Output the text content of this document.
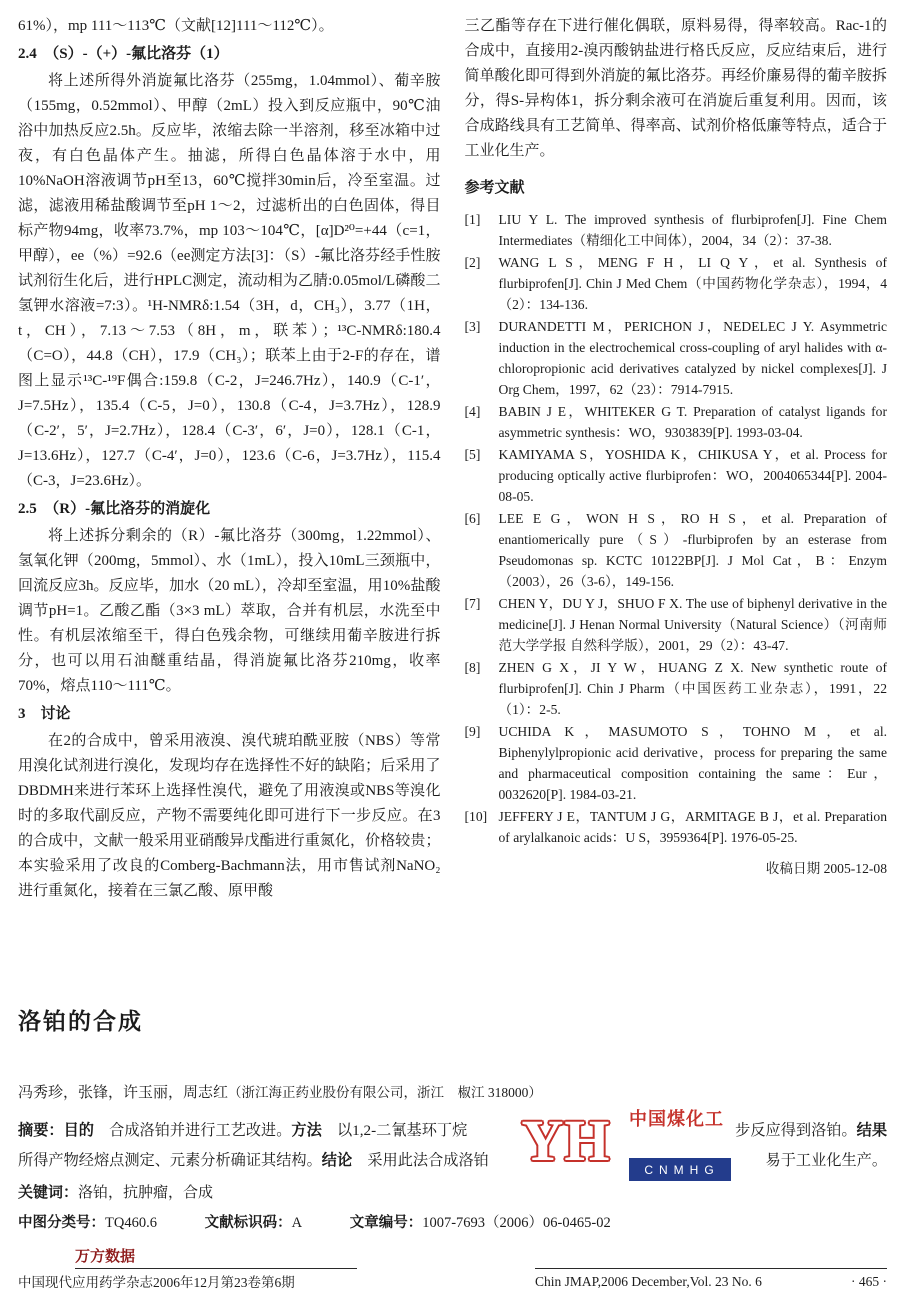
61%），mp 111～113℃（文献[12]111～112℃）。

2.4　（S）-（+）-氟比洛芬（1）

将上述所得外消旋氟比洛芬（255mg，1.04mmol）、葡辛胺（155mg，0.52mmol）、甲醇（2mL）投入到反应瓶中，90℃油浴中加热反应2.5h。反应毕，浓缩去除一半溶剂，移至冰箱中过夜，有白色晶体产生。抽滤，所得白色晶体溶于水中，用10%NaOH溶液调节pH至13，60℃搅拌30min后，冷至室温。过滤，滤液用稀盐酸调节至pH 1～2，过滤析出的白色固体，得目标产物94mg，收率73.7%，mp 103～104℃，[α]D²⁰=+44（c=1，甲醇），ee（%）=92.6（ee测定方法[3]：（S）-氟比洛芬经手性胺试剂衍生化后，进行HPLC测定，流动相为乙腈:0.05mol/L磷酸二氢钾水溶液=7:3）。¹H-NMRδ:1.54（3H，d，CH₃），3.77（1H，t，CH），7.13～7.53（8H，m，联苯）；¹³C-NMRδ:180.4（C=O），44.8（CH），17.9（CH₃）；联苯上由于2-F的存在，谱图上显示¹³C-¹⁹F偶合:159.8（C-2，J=246.7Hz），140.9（C-1′，J=7.5Hz），135.4（C-5，J=0），130.8（C-4，J=3.7Hz），128.9（C-2′，5′，J=2.7Hz），128.4（C-3′，6′，J=0），128.1（C-1，J=13.6Hz），127.7（C-4′，J=0），123.6（C-6，J=3.7Hz），115.4（C-3，J=23.6Hz）。

2.5　（R）-氟比洛芬的消旋化

将上述拆分剩余的（R）-氟比洛芬（300mg，1.22mmol）、氢氧化钾（200mg，5mmol）、水（1mL），投入10mL三颈瓶中，回流反应3h。反应毕，加水（20 mL），冷却至室温，用10%盐酸调节pH=1。乙酸乙酯（3×3 mL）萃取，合并有机层，水洗至中性。有机层浓缩至干，得白色残余物，可继续用葡辛胺进行拆分，也可以用石油醚重结晶，得消旋氟比洛芬210mg，收率70%，熔点110～111℃。

3　讨论

在2的合成中，曾采用液溴、溴代琥珀酰亚胺（NBS）等常用溴化试剂进行溴化，发现均存在选择性不好的缺陷；后采用了DBDMH来进行苯环上选择性溴代，避免了用液溴或NBS等溴化时的多取代副反应，产物不需要纯化即可进行下一步反应。在3的合成中，文献一般采用亚硝酸异戊酯进行重氮化，价格较贵；本实验采用了改良的Comberg-Bachmann法，用市售试剂NaNO₂进行重氮化，接着在三氯乙酸、原甲酸

三乙酯等存在下进行催化偶联，原料易得，得率较高。Rac-1的合成中，直接用2-溴丙酸钠盐进行格氏反应，反应结束后，进行简单酸化即可得到外消旋的氟比洛芬。再经价廉易得的葡辛胺拆分，得S-异构体1，拆分剩余液可在消旋后重复利用。因而，该合成路线具有工艺简单、得率高、试剂价格低廉等特点，适合于工业化生产。

参考文献

[1]	LIU Y L. The improved synthesis of flurbiprofen[J]. Fine Chem Intermediates（精细化工中间体），2004，34（2）：37-38.
[2]	WANG L S，MENG F H，LI Q Y，et al. Synthesis of flurbiprofen[J]. Chin J Med Chem（中国药物化学杂志），1994，4（2）：134-136.
[3]	DURANDETTI M，PERICHON J，NEDELEC J Y. Asymmetric induction in the electrochemical cross-coupling of aryl halides with α-chloropropionic acid derivatives catalyzed by nickel complexes[J]. J Org Chem，1997，62（23）：7914-7915.
[4]	BABIN J E，WHITEKER G T. Preparation of catalyst ligands for asymmetric synthesis：WO，9303839[P]. 1993-03-04.
[5]	KAMIYAMA S，YOSHIDA K，CHIKUSA Y，et al. Process for producing optically active flurbiprofen：WO，2004065344[P]. 2004-08-05.
[6]	LEE E G，WON H S，RO H S，et al. Preparation of enantiomerically pure（S）-flurbiprofen by an esterase from Pseudomonas sp. KCTC 10122BP[J]. J Mol Cat，B：Enzym（2003），26（3-6），149-156.
[7]	CHEN Y，DU Y J，SHUO F X. The use of biphenyl derivative in the medicine[J]. J Henan Normal University（Natural Science）（河南师范大学学报 自然科学版），2001，29（2）：43-47.
[8]	ZHEN G X，JI Y W，HUANG Z X. New synthetic route of flurbiprofen[J]. Chin J Pharm（中国医药工业杂志），1991，22（1）：2-5.
[9]	UCHIDA K，MASUMOTO S，TOHNO M，et al. Biphenylylpropionic acid derivative，process for preparing the same and pharmaceutical composition containing the same：Eur，0032620[P]. 1984-03-21.
[10] JEFFERY J E，TANTUM J G，ARMITAGE B J，et al. Preparation of arylalkanoic acids：U S，3959364[P]. 1976-05-25.

收稿日期 2005-12-08

洛铂的合成

冯秀珍，张锋，许玉丽，周志红（浙江海正药业股份有限公司，浙江　椒江 318000）

摘要：目的　合成洛铂并进行工艺改进。方法　以1,2-二氰基环丁烷	步反应得到洛铂。结果
所得产物经熔点测定、元素分析确证其结构。结论　采用此法合成洛铂	易于工业化生产。

关键词：洛铂，抗肿瘤，合成

中图分类号：TQ460.6	文献标识码：A	文章编号：1007-7693（2006）06-0465-02

YH	中国煤化工
CNMHG
万方数据
中国现代应用药学杂志2006年12月第23卷第6期	Chin JMAP,2006 December,Vol. 23 No. 6	· 465 ·
